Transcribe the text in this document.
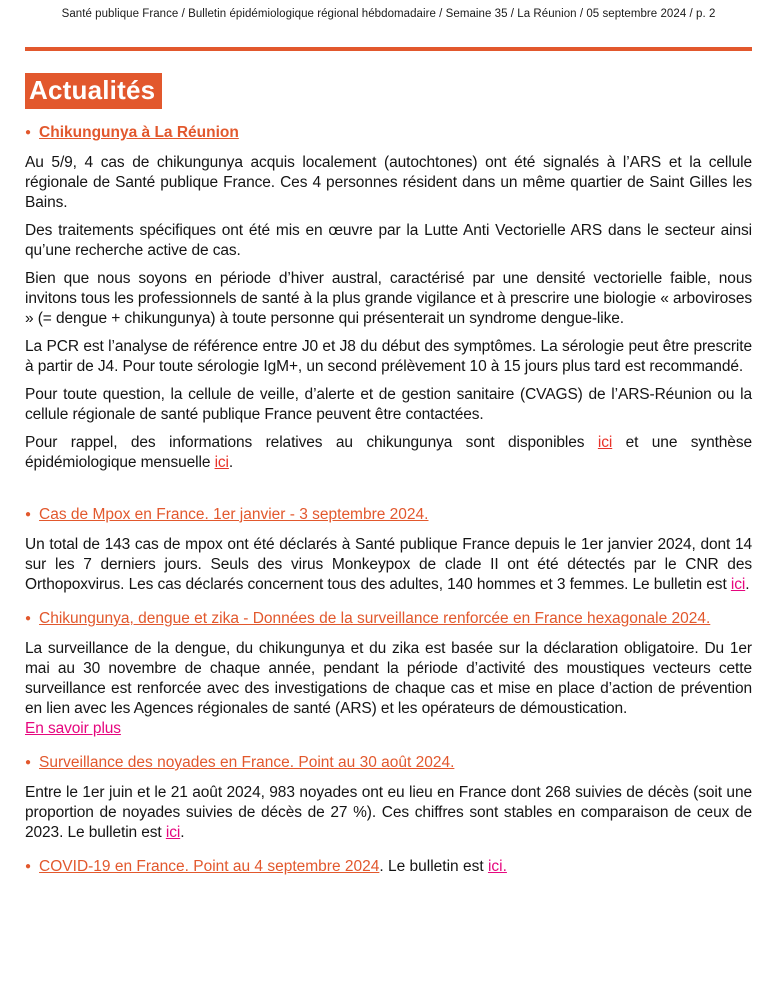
Santé publique France / Bulletin épidémiologique régional hébdomadaire / Semaine 35 / La Réunion / 05 septembre 2024 / p. 2
Actualités
● Chikungunya à La Réunion

Au 5/9, 4 cas de chikungunya acquis localement (autochtones) ont été signalés à l’ARS et la cellule régionale de Santé publique France. Ces 4 personnes résident dans un même quartier de Saint Gilles les Bains.

Des traitements spécifiques ont été mis en œuvre par la Lutte Anti Vectorielle ARS dans le secteur ainsi qu’une recherche active de cas.

Bien que nous soyons en période d’hiver austral, caractérisé par une densité vectorielle faible, nous invitons tous les professionnels de santé à la plus grande vigilance et à prescrire une biologie « arboviroses » (= dengue + chikungunya) à toute personne qui présenterait un syndrome dengue-like.

La PCR est l’analyse de référence entre J0 et J8 du début des symptômes. La sérologie peut être prescrite à partir de J4. Pour toute sérologie IgM+, un second prélèvement 10 à 15 jours plus tard est recommandé.

Pour toute question, la cellule de veille, d’alerte et de gestion sanitaire (CVAGS) de l’ARS-Réunion ou la cellule régionale de santé publique France peuvent être contactées.

Pour rappel, des informations relatives au chikungunya sont disponibles ici et une synthèse épidémiologique mensuelle ici.

● Cas de Mpox en France. 1er janvier - 3 septembre 2024.

Un total de 143 cas de mpox ont été déclarés à Santé publique France depuis le 1er janvier 2024, dont 14 sur les 7 derniers jours. Seuls des virus Monkeypox de clade II ont été détectés par le CNR des Orthopoxvirus. Les cas déclarés concernent tous des adultes, 140 hommes et 3 femmes. Le bulletin est ici.

● Chikungunya, dengue et zika - Données de la surveillance renforcée en France hexagonale 2024.

La surveillance de la dengue, du chikungunya et du zika est basée sur la déclaration obligatoire. Du 1er mai au 30 novembre de chaque année, pendant la période d’activité des moustiques vecteurs cette surveillance est renforcée avec des investigations de chaque cas et mise en place d’action de prévention en lien avec les Agences régionales de santé (ARS) et les opérateurs de démoustication.
En savoir plus

● Surveillance des noyades en France. Point au 30 août 2024.

Entre le 1er juin et le 21 août 2024, 983 noyades ont eu lieu en France dont 268 suivies de décès (soit une proportion de noyades suivies de décès de 27 %). Ces chiffres sont stables en comparaison de ceux de 2023. Le bulletin est ici.

● COVID-19 en France. Point au 4 septembre 2024. Le bulletin est ici.
